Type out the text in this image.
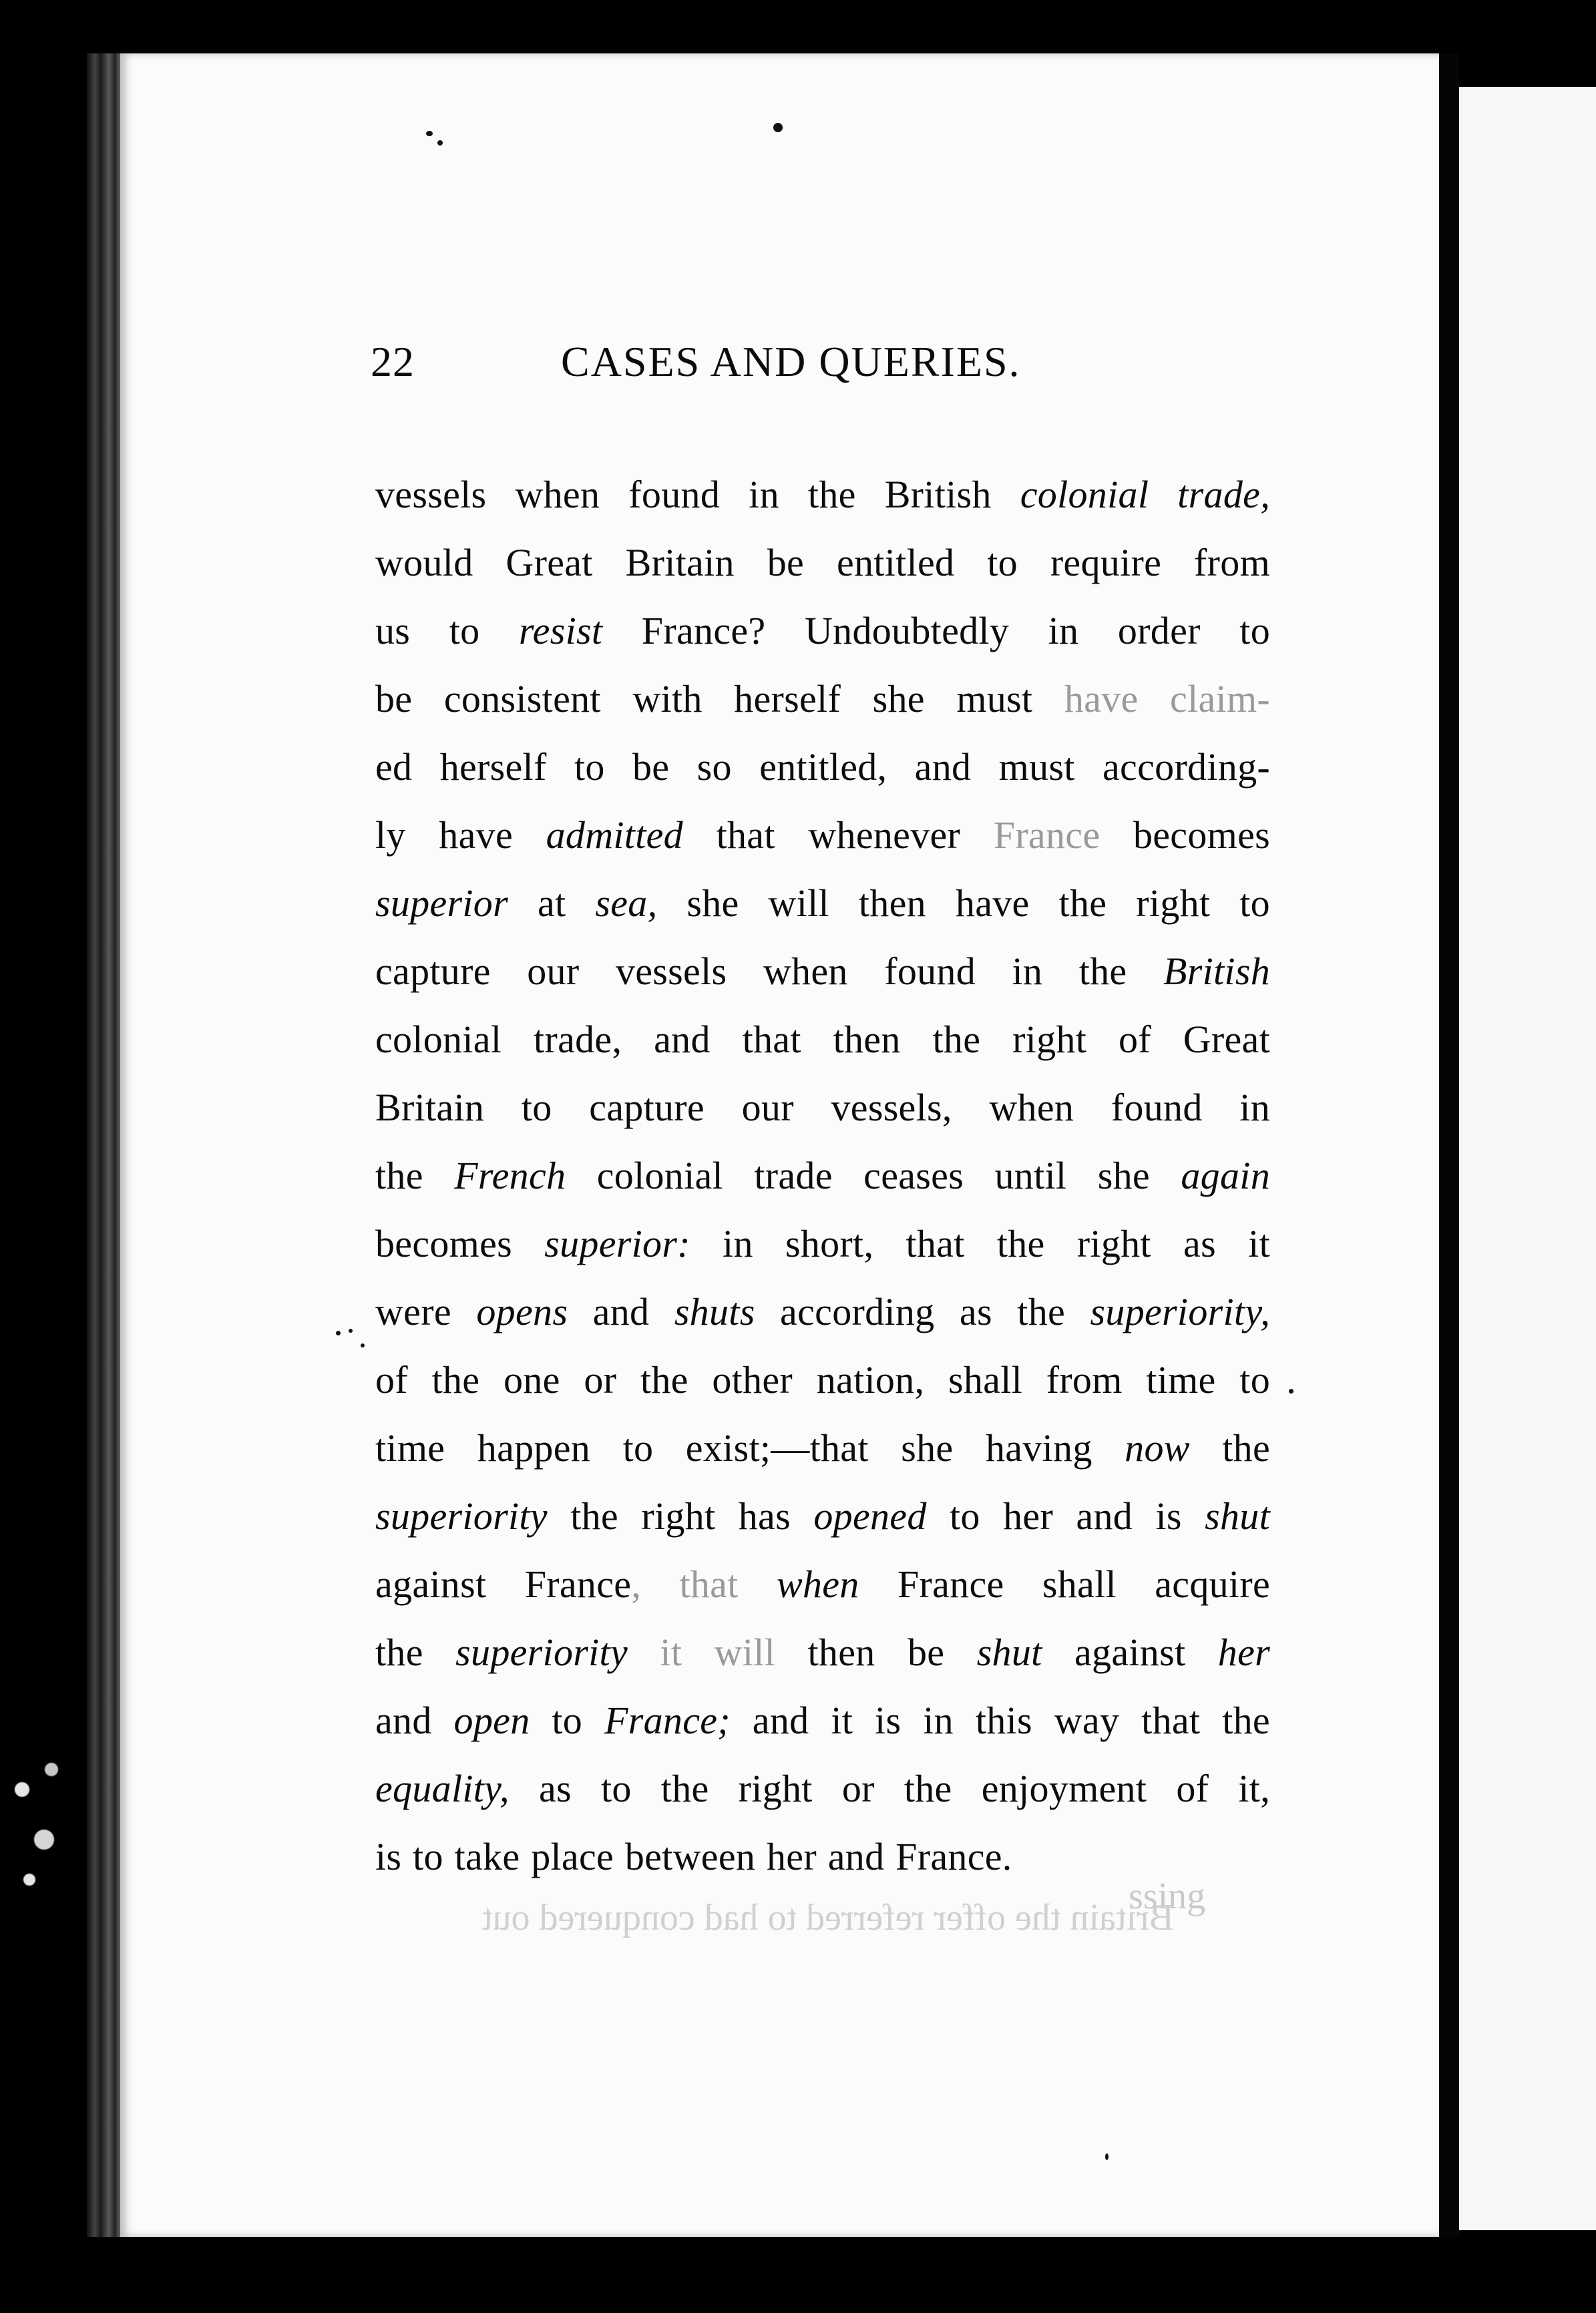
22	CASES AND QUERIES.
vessels when found in the British colonial trade,
would Great Britain be entitled to require from
us to resist France? Undoubtedly in order to
be consistent with herself she must have claim-
ed herself to be so entitled, and must according-
ly have admitted that whenever France becomes
superior at sea, she will then have the right to
capture our vessels when found in the British
colonial trade, and that then the right of Great
Britain to capture our vessels, when found in
the French colonial trade ceases until she again
becomes superior: in short, that the right as it
were opens and shuts according as the superiority,
of the one or the other nation, shall from time to
time happen to exist;—that she having now the
superiority the right has opened to her and is shut
against France, that when France shall acquire
the superiority it will then be shut against her
and open to France; and it is in this way that the
equality, as to the right or the enjoyment of it,
is to take place between her and France.
ssing
Britain the offer referred to had conquered out
